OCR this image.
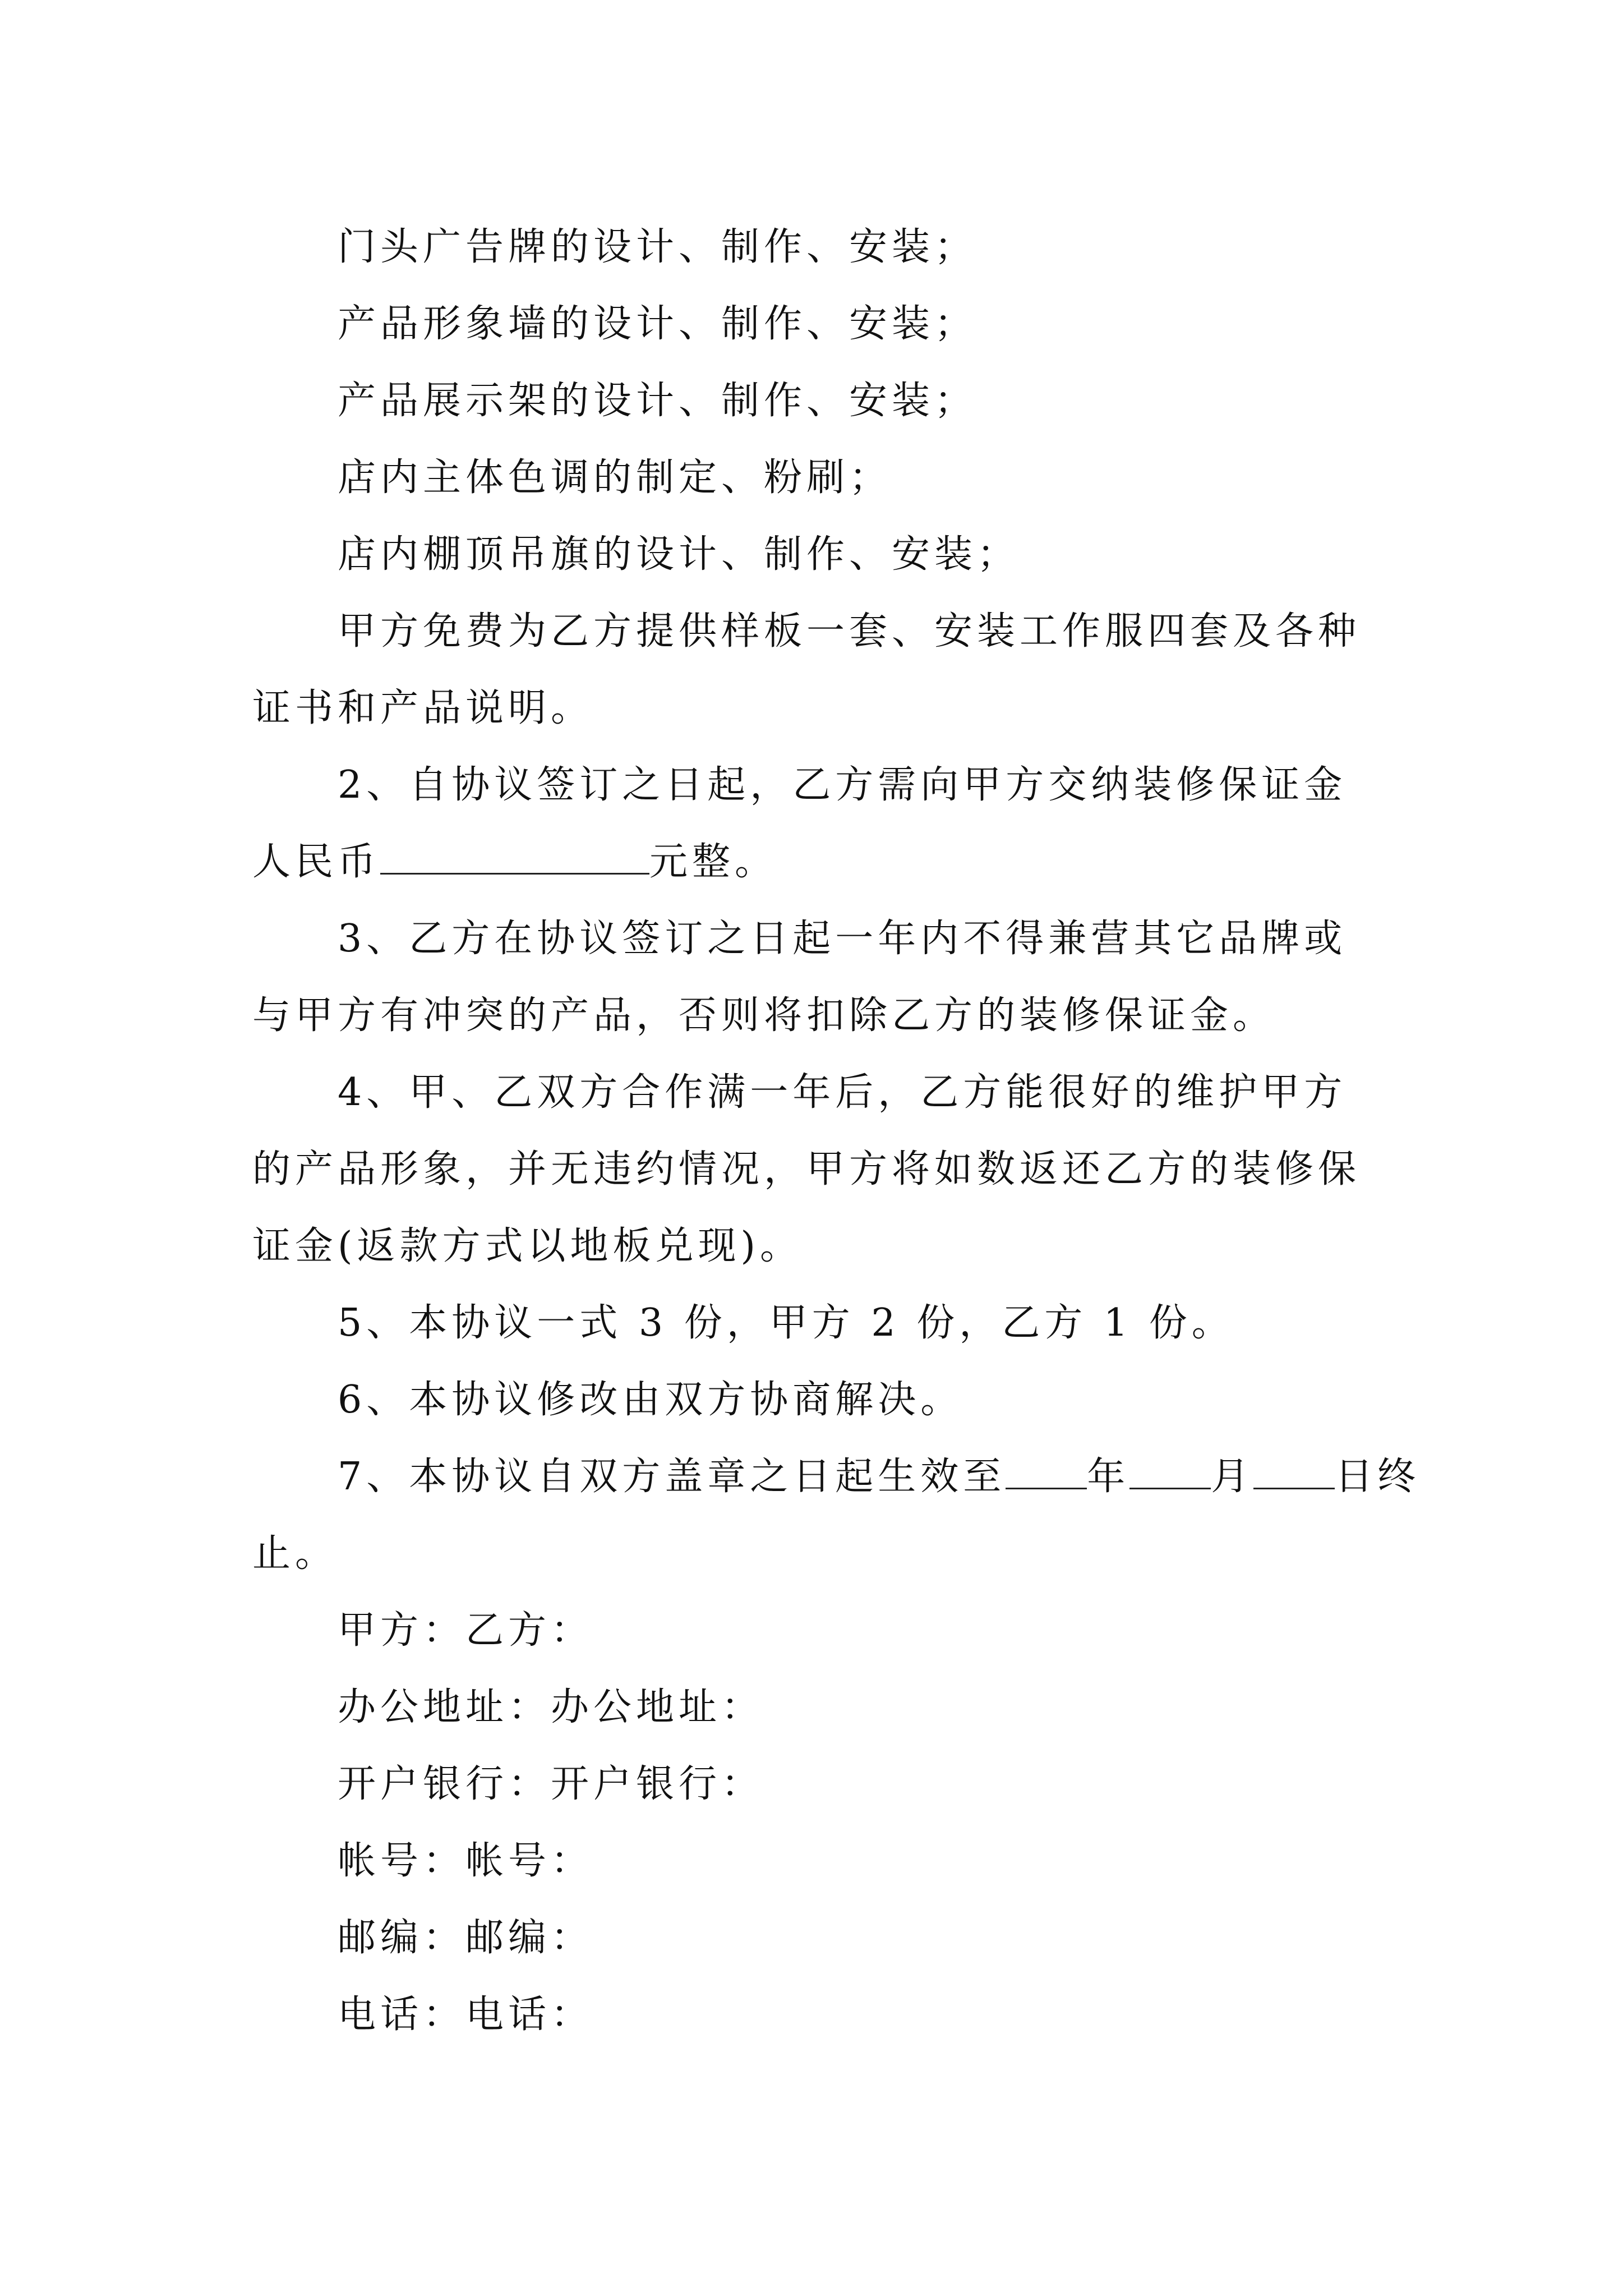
门头广告牌的设计、制作、安装；
产品形象墙的设计、制作、安装；
产品展示架的设计、制作、安装；
店内主体色调的制定、粉刷；
店内棚顶吊旗的设计、制作、安装；
甲方免费为乙方提供样板一套、安装工作服四套及各种
证书和产品说明。
2、自协议签订之日起，乙方需向甲方交纳装修保证金
人民币	元整。
3、乙方在协议签订之日起一年内不得兼营其它品牌或
与甲方有冲突的产品，否则将扣除乙方的装修保证金。
4、甲、乙双方合作满一年后，乙方能很好的维护甲方
的产品形象，并无违约情况，甲方将如数返还乙方的装修保
证金(返款方式以地板兑现)。
5、本协议一式 3 份，甲方 2 份，乙方 1 份。
6、本协议修改由双方协商解决。
7、本协议自双方盖章之日起生效至 年 月 日终
止。
甲方：乙方：
办公地址：办公地址：
开户银行：开户银行：
帐号：帐号：
邮编：邮编：
电话：电话：
